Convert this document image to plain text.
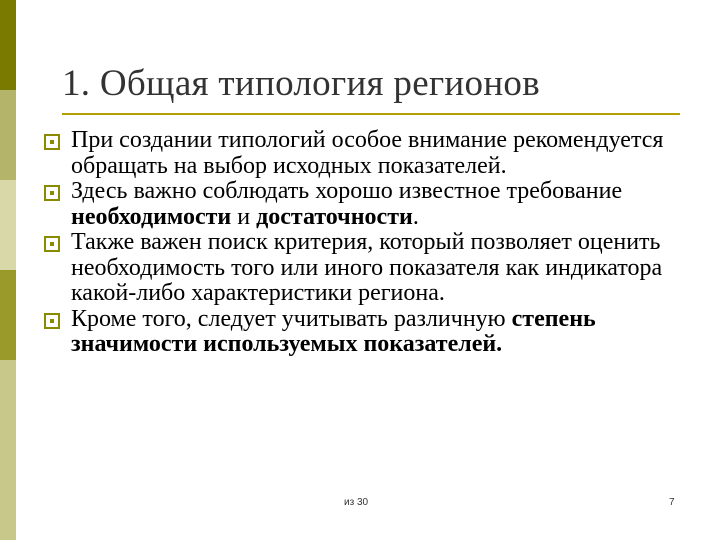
1. Общая типология регионов
При создании типологий особое внимание рекомендуется обращать на выбор исходных показателей.
Здесь важно соблюдать хорошо известное требование необходимости и достаточности.
Также важен поиск критерия, который позволяет оценить необходимость того или иного показателя как индикатора какой-либо характеристики региона.
Кроме того, следует учитывать различную степень значимости используемых показателей.
из 30	7
